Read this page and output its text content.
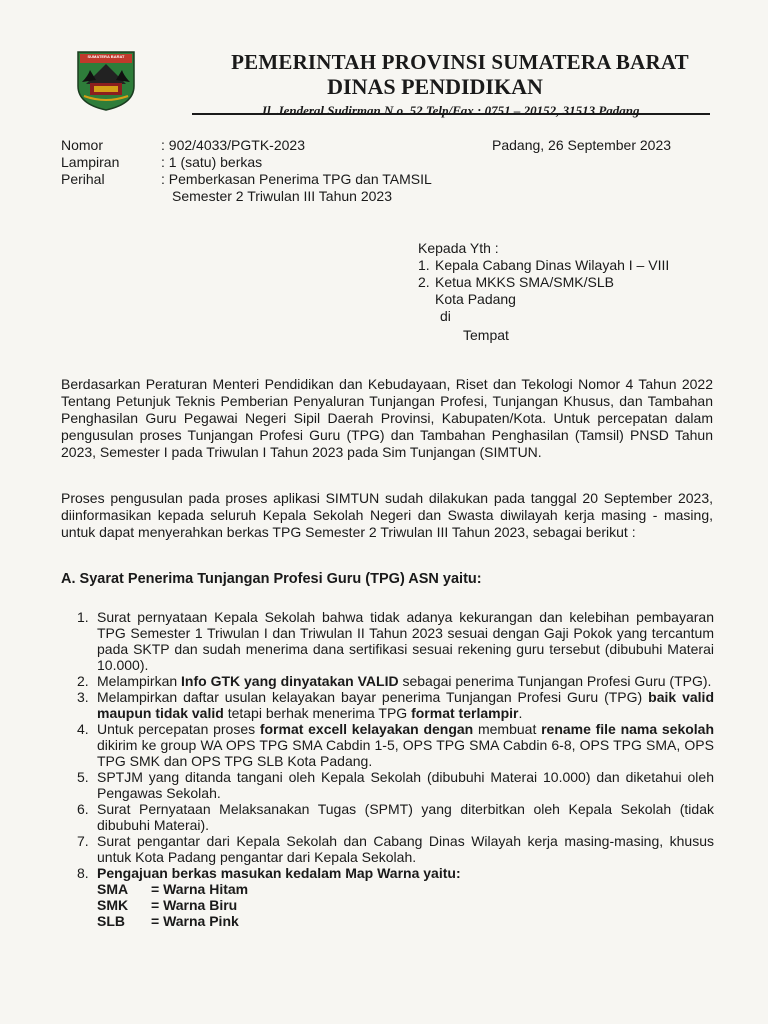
SUMATERA BARAT	PEMERINTAH PROVINSI SUMATERA BARAT
DINAS PENDIDIKAN
Jl. Jenderal Sudirman N o. 52 Telp/Fax : 0751 – 20152, 31513 Padang
Nomor	: 902/4033/PGTK-2023
Lampiran	: 1 (satu) berkas
Perihal	: Pemberkasan Penerima TPG dan TAMSIL
Semester 2 Triwulan III Tahun 2023
Padang, 26 September 2023
Kepada Yth :
1. Kepala Cabang Dinas Wilayah I – VIII
2. Ketua MKKS SMA/SMK/SLB
Kota Padang
di
Tempat
Berdasarkan Peraturan Menteri Pendidikan dan Kebudayaan, Riset dan Tekologi Nomor 4 Tahun 2022 Tentang Petunjuk Teknis Pemberian Penyaluran Tunjangan Profesi, Tunjangan Khusus, dan Tambahan Penghasilan Guru Pegawai Negeri Sipil Daerah Provinsi, Kabupaten/Kota. Untuk percepatan dalam pengusulan proses Tunjangan Profesi Guru (TPG) dan Tambahan Penghasilan (Tamsil) PNSD Tahun 2023, Semester I pada Triwulan I Tahun 2023 pada Sim Tunjangan (SIMTUN.
Proses pengusulan pada proses aplikasi SIMTUN sudah dilakukan pada tanggal 20 September 2023, diinformasikan kepada seluruh Kepala Sekolah Negeri dan Swasta diwilayah kerja masing - masing, untuk dapat menyerahkan berkas TPG Semester 2 Triwulan III Tahun 2023, sebagai berikut :
A. Syarat Penerima Tunjangan Profesi Guru (TPG) ASN yaitu:
1. Surat pernyataan Kepala Sekolah bahwa tidak adanya kekurangan dan kelebihan pembayaran TPG Semester 1 Triwulan I dan Triwulan II Tahun 2023 sesuai dengan Gaji Pokok yang tercantum pada SKTP dan sudah menerima dana sertifikasi sesuai rekening guru tersebut (dibubuhi Materai 10.000).
2. Melampirkan Info GTK yang dinyatakan VALID sebagai penerima Tunjangan Profesi Guru (TPG).
3. Melampirkan daftar usulan kelayakan bayar penerima Tunjangan Profesi Guru (TPG) baik valid maupun tidak valid tetapi berhak menerima TPG format terlampir.
4. Untuk percepatan proses format excell kelayakan dengan membuat rename file nama sekolah dikirim ke group WA OPS TPG SMA Cabdin 1-5, OPS TPG SMA Cabdin 6-8, OPS TPG SMA, OPS TPG SMK dan OPS TPG SLB Kota Padang.
5. SPTJM yang ditanda tangani oleh Kepala Sekolah (dibubuhi Materai 10.000) dan diketahui oleh Pengawas Sekolah.
6. Surat Pernyataan Melaksanakan Tugas (SPMT) yang diterbitkan oleh Kepala Sekolah (tidak dibubuhi Materai).
7. Surat pengantar dari Kepala Sekolah dan Cabang Dinas Wilayah kerja masing-masing, khusus untuk Kota Padang pengantar dari Kepala Sekolah.
8. Pengajuan berkas masukan kedalam Map Warna yaitu:
SMA	= Warna Hitam
SMK	= Warna Biru
SLB	= Warna Pink
